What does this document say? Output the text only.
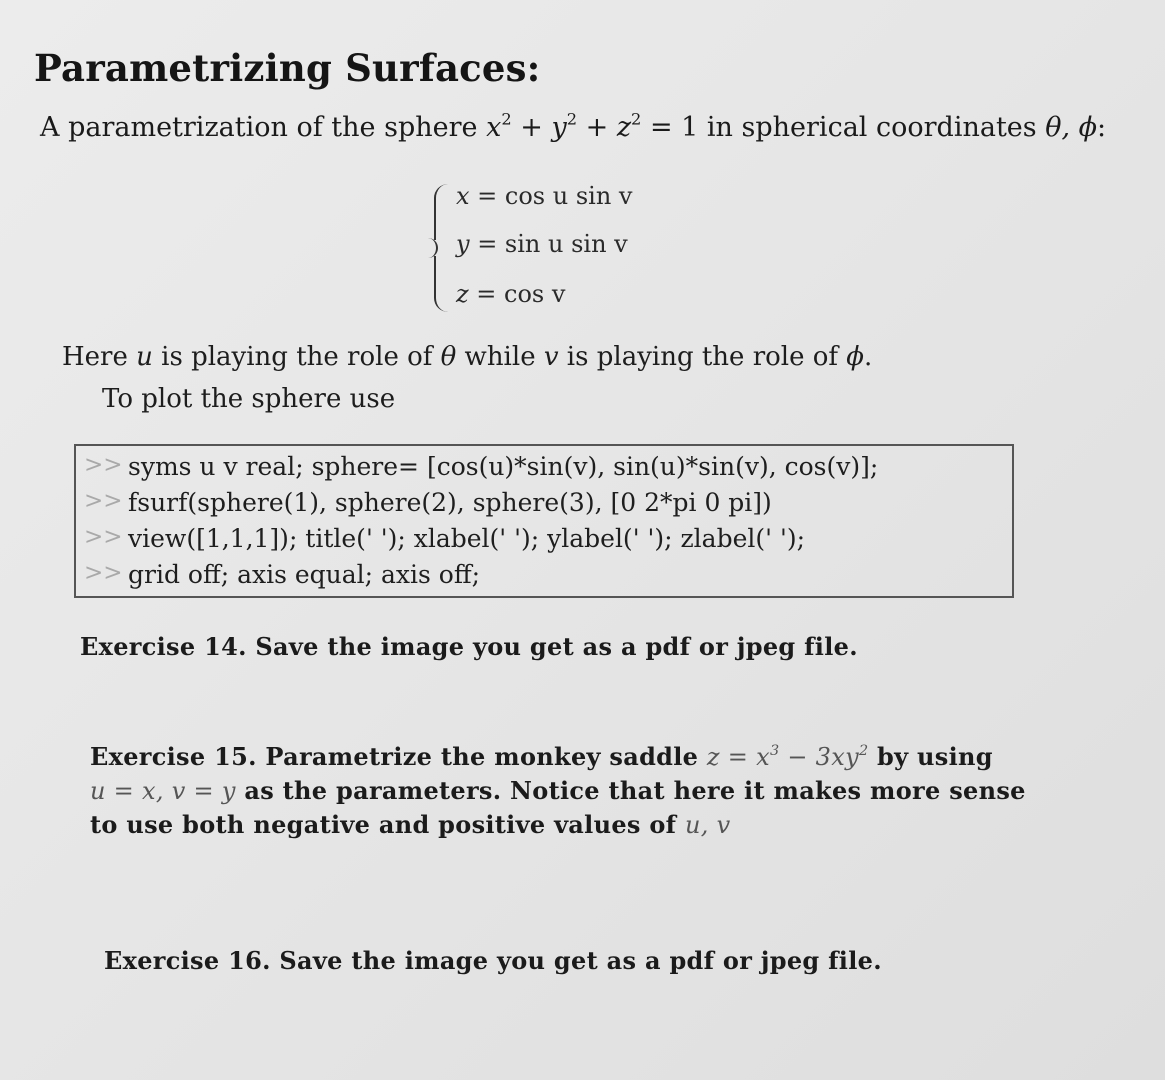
Parametrizing Surfaces:
A parametrization of the sphere $x^2 + y^2 + z^2 = 1$ in spherical coordinates θ, ϕ:
x = cos u sin v
y = sin u sin v
z = cos v
Here u is playing the role of θ while v is playing the role of ϕ.
To plot the sphere use
>> syms u v real; sphere= [cos(u)*sin(v), sin(u)*sin(v), cos(v)];
>> fsurf(sphere(1), sphere(2), sphere(3), [0 2*pi 0 pi])
>> view([1,1,1]); title(' '); xlabel(' '); ylabel(' '); zlabel(' ');
>> grid off; axis equal; axis off;
Exercise 14. Save the image you get as a pdf or jpeg file.
Exercise 15. Parametrize the monkey saddle $z = x^3 - 3xy^2$ by using
u = x, v = y as the parameters. Notice that here it makes more sense
to use both negative and positive values of u, v
Exercise 16. Save the image you get as a pdf or jpeg file.
